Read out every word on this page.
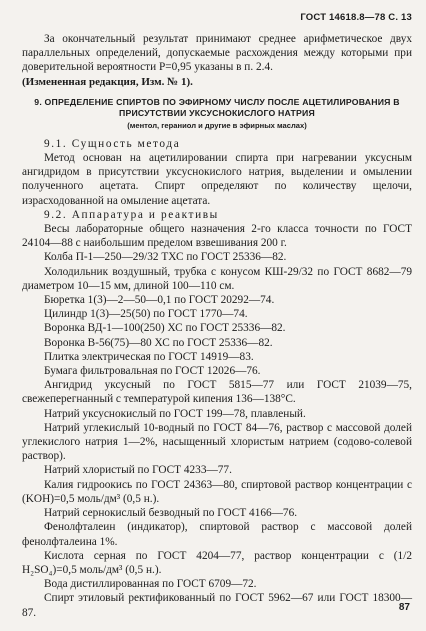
ГОСТ 14618.8—78 С. 13

За окончательный результат принимают среднее арифметическое двух параллельных определений, допускаемые расхождения между которыми при доверительной вероятности P=0,95 указаны в п. 2.4.

(Измененная редакция, Изм. № 1).

9. ОПРЕДЕЛЕНИЕ СПИРТОВ ПО ЭФИРНОМУ ЧИСЛУ ПОСЛЕ АЦЕТИЛИРОВАНИЯ В ПРИСУТСТВИИ УКСУСНОКИСЛОГО НАТРИЯ
(ментол, гераниол и другие в эфирных маслах)

9.1. Сущность метода

Метод основан на ацетилировании спирта при нагревании уксусным ангидридом в присутствии уксуснокислого натрия, выделении и омылении полученного ацетата. Спирт определяют по количеству щелочи, израсходованной на омыление ацетата.

9.2. Аппаратура и реактивы

Весы лабораторные общего назначения 2-го класса точности по ГОСТ 24104—88 с наибольшим пределом взвешивания 200 г.

Колба П-1—250—29/32 ТХС по ГОСТ 25336—82.

Холодильник воздушный, трубка с конусом КШ-29/32 по ГОСТ 8682—79 диаметром 10—15 мм, длиной 100—110 см.

Бюретка 1(3)—2—50—0,1 по ГОСТ 20292—74.

Цилиндр 1(3)—25(50) по ГОСТ 1770—74.

Воронка ВД-1—100(250) ХС по ГОСТ 25336—82.

Воронка В-56(75)—80 ХС по ГОСТ 25336—82.

Плитка электрическая по ГОСТ 14919—83.

Бумага фильтровальная по ГОСТ 12026—76.

Ангидрид уксусный по ГОСТ 5815—77 или ГОСТ 21039—75, свежеперегнанный с температурой кипения 136—138°С.

Натрий уксуснокислый по ГОСТ 199—78, плавленый.

Натрий углекислый 10-водный по ГОСТ 84—76, раствор с массовой долей углекислого натрия 1—2%, насыщенный хлористым натрием (содово-солевой раствор).

Натрий хлористый по ГОСТ 4233—77.

Калия гидроокись по ГОСТ 24363—80, спиртовой раствор концентрации c (KOH)=0,5 моль/дм³ (0,5 н.).

Натрий сернокислый безводный по ГОСТ 4166—76.

Фенолфталеин (индикатор), спиртовой раствор с массовой долей фенолфталеина 1%.

Кислота серная по ГОСТ 4204—77, раствор концентрации c (1/2 H₂SO₄)=0,5 моль/дм³ (0,5 н.).

Вода дистиллированная по ГОСТ 6709—72.

Спирт этиловый ректификованный по ГОСТ 5962—67 или ГОСТ 18300—87.	87
